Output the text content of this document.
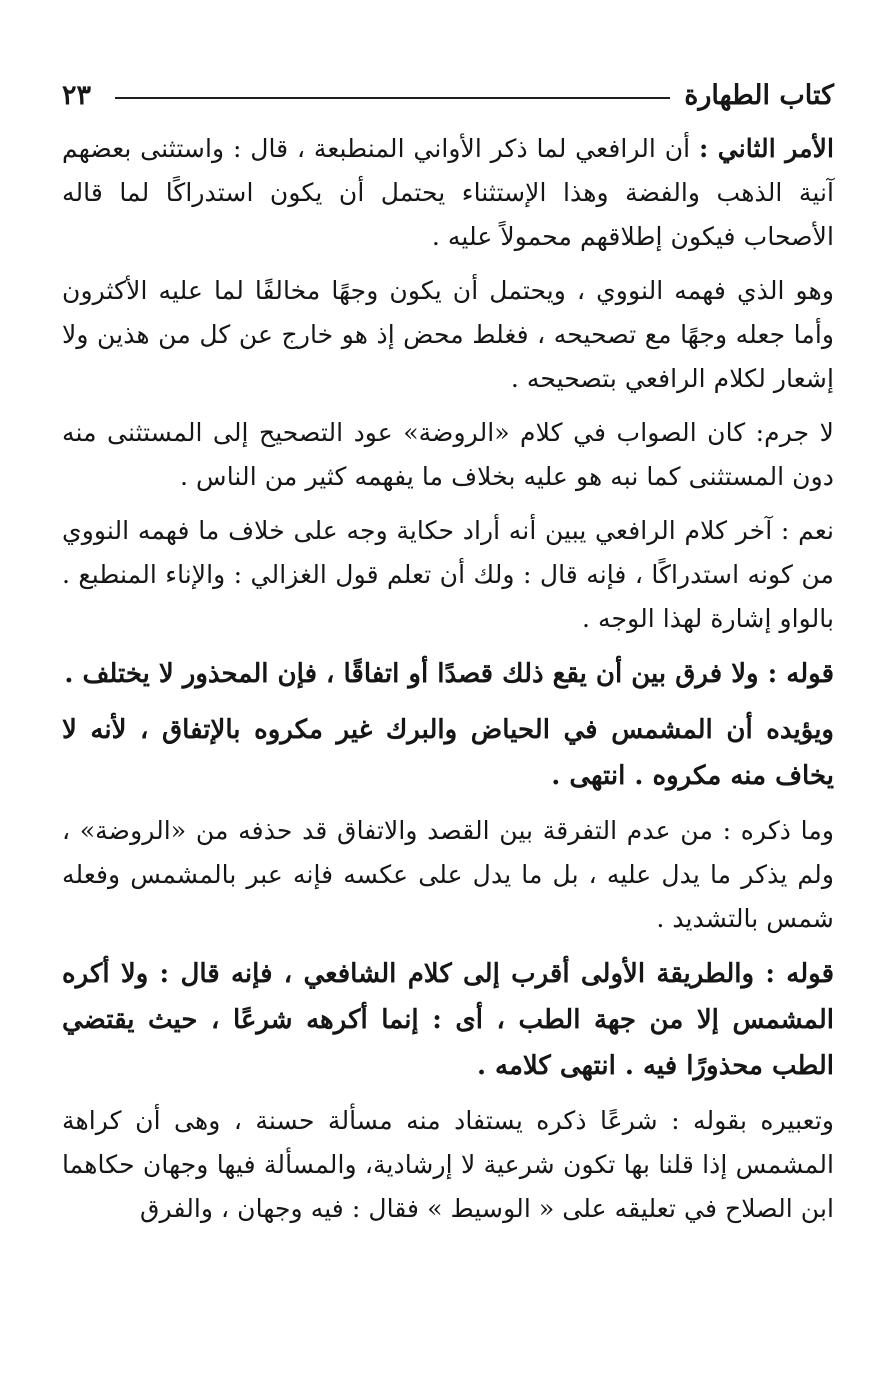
كتاب الطهارة
٢٣

الأمر الثاني : أن الرافعي لما ذكر الأواني المنطبعة ، قال : واستثنى بعضهم آنية الذهب والفضة وهذا الإستثناء يحتمل أن يكون استدراكًا لما قاله الأصحاب فيكون إطلاقهم محمولاً عليه .

وهو الذي فهمه النووي ، ويحتمل أن يكون وجهًا مخالفًا لما عليه الأكثرون وأما جعله وجهًا مع تصحيحه ، فغلط محض إذ هو خارج عن كل من هذين ولا إشعار لكلام الرافعي بتصحيحه .

لا جرم: كان الصواب في كلام «الروضة» عود التصحيح إلى المستثنى منه دون المستثنى كما نبه هو عليه بخلاف ما يفهمه كثير من الناس .

نعم : آخر كلام الرافعي يبين أنه أراد حكاية وجه على خلاف ما فهمه النووي من كونه استدراكًا ، فإنه قال : ولك أن تعلم قول الغزالي : والإناء المنطبع . بالواو إشارة لهذا الوجه .

قوله : ولا فرق بين أن يقع ذلك قصدًا أو اتفاقًا ، فإن المحذور لا يختلف .

ويؤيده أن المشمس في الحياض والبرك غير مكروه بالإتفاق ، لأنه لا يخاف منه مكروه . انتهى .

وما ذكره : من عدم التفرقة بين القصد والاتفاق قد حذفه من «الروضة» ، ولم يذكر ما يدل عليه ، بل ما يدل على عكسه فإنه عبر بالمشمس وفعله شمس بالتشديد .

قوله : والطريقة الأولى أقرب إلى كلام الشافعي ، فإنه قال : ولا أكره المشمس إلا من جهة الطب ، أى : إنما أكرهه شرعًا ، حيث يقتضي الطب محذورًا فيه . انتهى كلامه .

وتعبيره بقوله : شرعًا ذكره يستفاد منه مسألة حسنة ، وهى أن كراهة المشمس إذا قلنا بها تكون شرعية لا إرشادية، والمسألة فيها وجهان حكاهما ابن الصلاح في تعليقه على « الوسيط » فقال : فيه وجهان ، والفرق
